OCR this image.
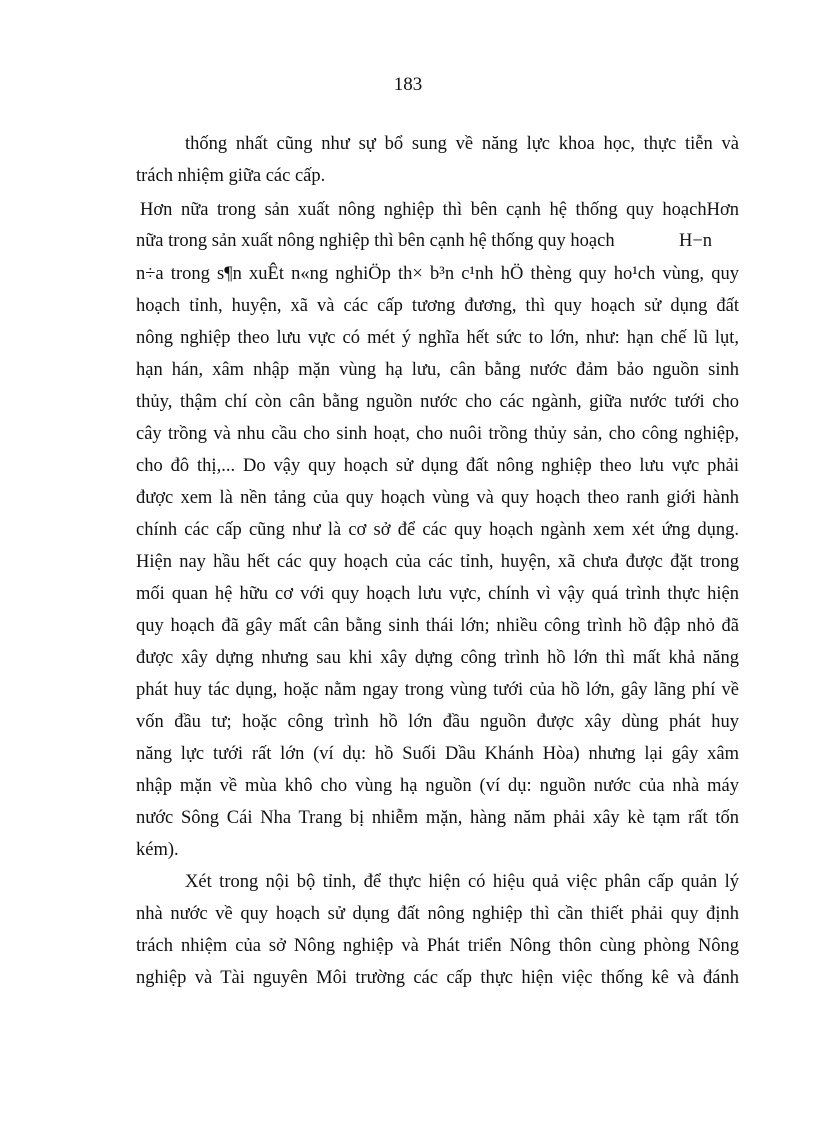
183
thống nhất cũng như sự bổ sung về năng lực khoa học, thực tiễn và
trách nhiệm giữa các cấp.
Hơn nữa trong sản xuất nông nghiệp thì bên cạnh hệ thống quy hoạchHơn
nữa trong sản xuất nông nghiệp thì bên cạnh hệ thống quy hoạch	H−n
n÷a trong s¶n xuÊt n«ng nghiÖp th× b³n c¹nh hÖ thèng quy ho¹ch vùng, quy
hoạch tỉnh, huyện, xã và các cấp tương đương, thì quy hoạch sử dụng đất
nông nghiệp theo lưu vực có mét ý nghĩa hết sức to lớn, như: hạn chế lũ lụt,
hạn hán, xâm nhập mặn vùng hạ lưu, cân bằng nước đảm bảo nguồn sinh
thủy, thậm chí còn cân bằng nguồn nước cho các ngành, giữa nước tưới cho
cây trồng và nhu cầu cho sinh hoạt, cho nuôi trồng thủy sản, cho công nghiệp,
cho đô thị,... Do vậy quy hoạch sử dụng đất nông nghiệp theo lưu vực phải
được xem là nền tảng của quy hoạch vùng và quy hoạch theo ranh giới hành
chính các cấp cũng như là cơ sở để các quy hoạch ngành xem xét ứng dụng.
Hiện nay hầu hết các quy hoạch của các tỉnh, huyện, xã chưa được đặt trong
mối quan hệ hữu cơ với quy hoạch lưu vực, chính vì vậy quá trình thực hiện
quy hoạch đã gây mất cân bằng sinh thái lớn; nhiều công trình hồ đập nhỏ đã
được xây dựng nhưng sau khi xây dựng công trình hồ lớn thì mất khả năng
phát huy tác dụng, hoặc nằm ngay trong vùng tưới của hồ lớn, gây lãng phí về
vốn đầu tư; hoặc công trình hồ lớn đầu nguồn được xây dùng phát huy
năng lực tưới rất lớn (ví dụ: hồ Suối Dầu Khánh Hòa) nhưng lại gây xâm
nhập mặn về mùa khô cho vùng hạ nguồn (ví dụ: nguồn nước của nhà máy
nước Sông Cái Nha Trang bị nhiễm mặn, hàng năm phải xây kè tạm rất tốn
kém).
Xét trong nội bộ tỉnh, để thực hiện có hiệu quả việc phân cấp quản lý
nhà nước về quy hoạch sử dụng đất nông nghiệp thì cần thiết phải quy định
trách nhiệm của sở Nông nghiệp và Phát triển Nông thôn cùng phòng Nông
nghiệp và Tài nguyên Môi trường các cấp thực hiện việc thống kê và đánh
